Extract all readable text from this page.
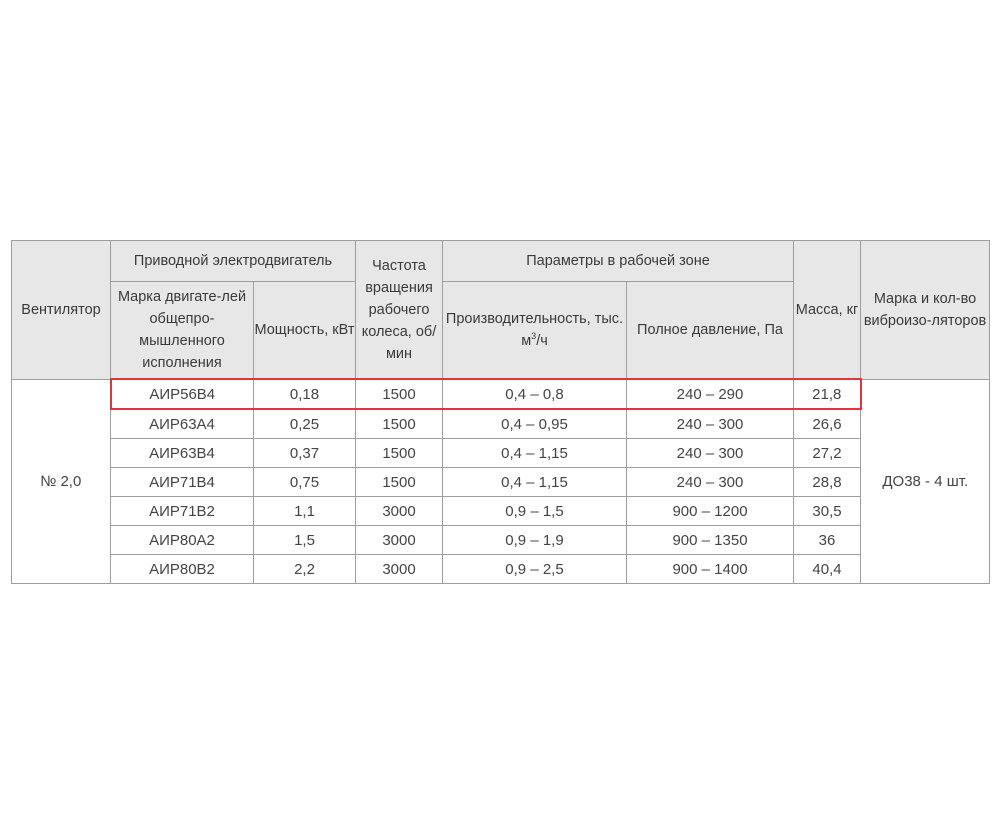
Вентилятор	Приводной электродвигатель		Частота вращения рабочего колеса, об/мин	Параметры в рабочей зоне		Масса, кг	Марка и кол-во виброизо-ляторов
	Марка двигате-лей общепро-мышленного исполнения	Мощность, кВт		Производительность, тыс. $м^3/ч$	Полное давление, Па		
№ 2,0	АИР56В4	0,18	1500	0,4 – 0,8	240 – 290	21,8	ДО38 - 4 шт.
	АИР63А4	0,25	1500	0,4 – 0,95	240 – 300	26,6	
	АИР63В4	0,37	1500	0,4 – 1,15	240 – 300	27,2	
	АИР71В4	0,75	1500	0,4 – 1,15	240 – 300	28,8	
	АИР71В2	1,1	3000	0,9 – 1,5	900 – 1200	30,5	
	АИР80А2	1,5	3000	0,9 – 1,9	900 – 1350	36	
	АИР80В2	2,2	3000	0,9 – 2,5	900 – 1400	40,4	
